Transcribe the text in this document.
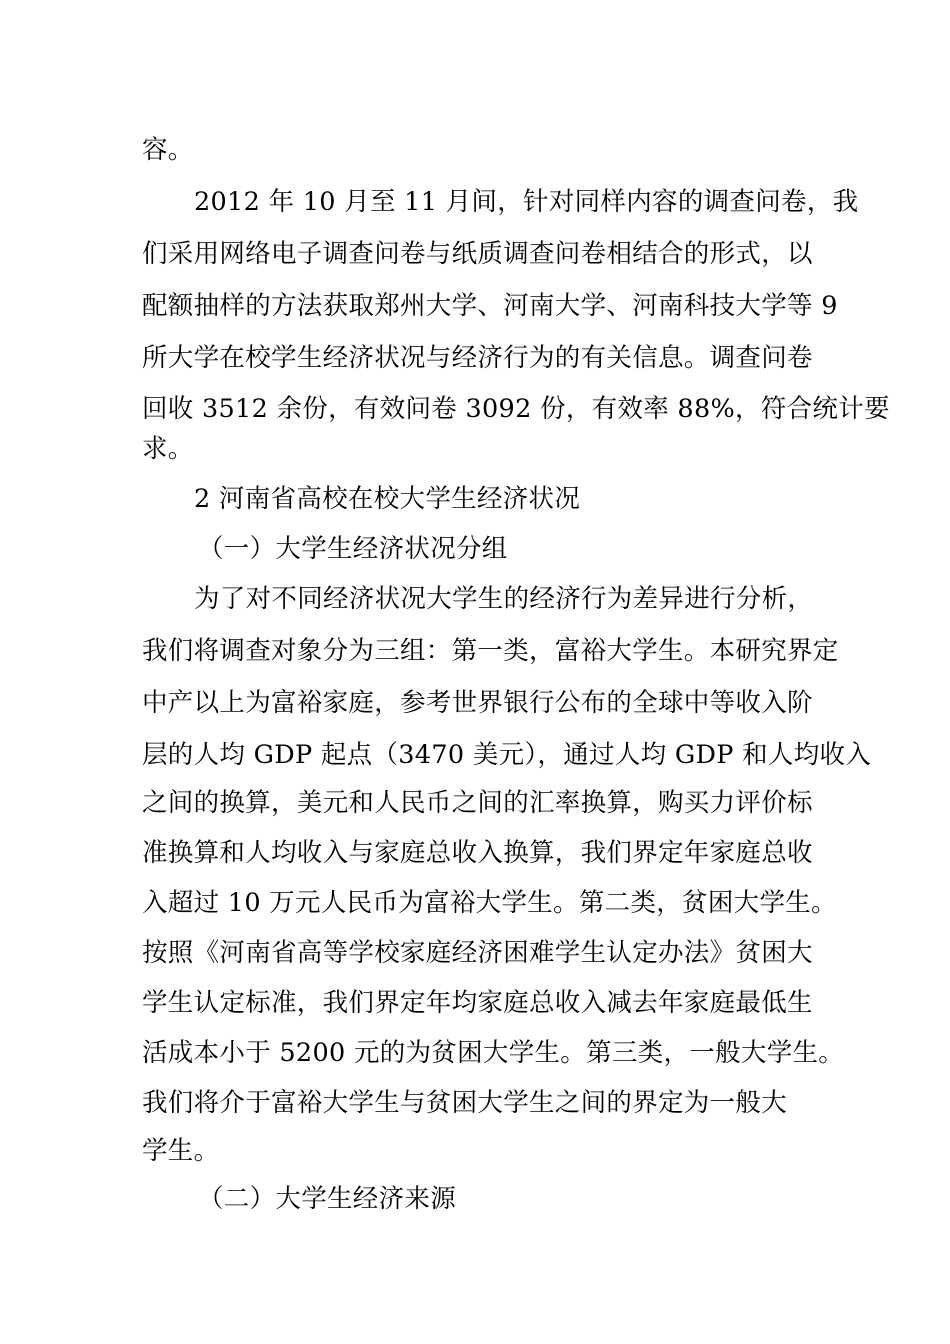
容。
2012 年 10 月至 11 月间，针对同样内容的调查问卷，我
们采用网络电子调查问卷与纸质调查问卷相结合的形式，以
配额抽样的方法获取郑州大学、河南大学、河南科技大学等 9
所大学在校学生经济状况与经济行为的有关信息。调查问卷
回收 3512 余份，有效问卷 3092 份，有效率 88%，符合统计要
求。
2 河南省高校在校大学生经济状况
（一）大学生经济状况分组
为了对不同经济状况大学生的经济行为差异进行分析，
我们将调查对象分为三组：第一类，富裕大学生。本研究界定
中产以上为富裕家庭，参考世界银行公布的全球中等收入阶
层的人均 GDP 起点（3470 美元），通过人均 GDP 和人均收入
之间的换算，美元和人民币之间的汇率换算，购买力评价标
准换算和人均收入与家庭总收入换算，我们界定年家庭总收
入超过 10 万元人民币为富裕大学生。第二类，贫困大学生。
按照《河南省高等学校家庭经济困难学生认定办法》贫困大
学生认定标准，我们界定年均家庭总收入减去年家庭最低生
活成本小于 5200 元的为贫困大学生。第三类，一般大学生。
我们将介于富裕大学生与贫困大学生之间的界定为一般大
学生。
（二）大学生经济来源
